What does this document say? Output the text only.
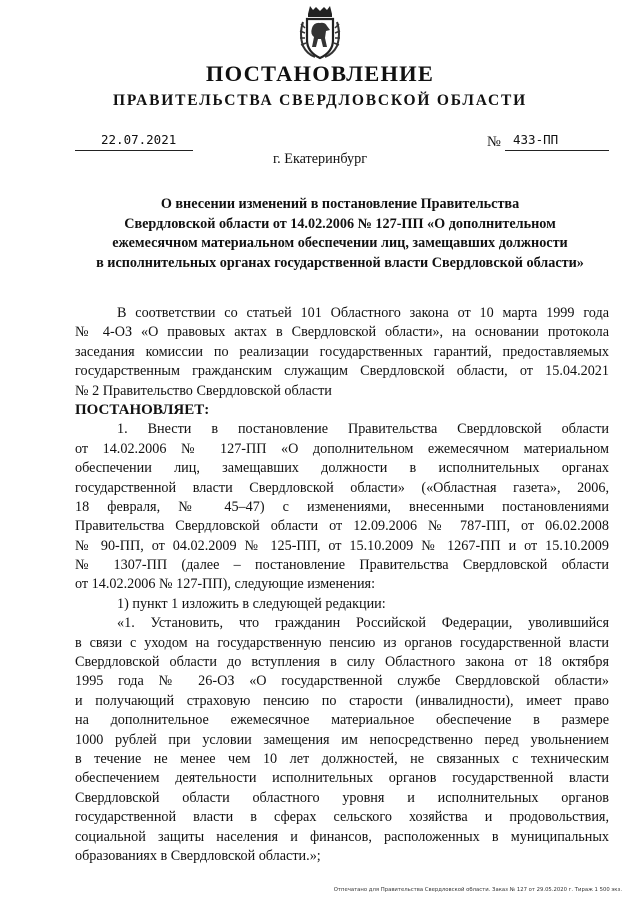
ПОСТАНОВЛЕНИЕ
ПРАВИТЕЛЬСТВА СВЕРДЛОВСКОЙ ОБЛАСТИ
22.07.2021	№ 433-ПП
г. Екатеринбург
О внесении изменений в постановление Правительства
Свердловской области от 14.02.2006 № 127-ПП «О дополнительном
ежемесячном материальном обеспечении лиц, замещавших должности
в исполнительных органах государственной власти Свердловской области»
В соответствии со статьей 101 Областного закона от 10 марта 1999 года
№ 4-ОЗ «О правовых актах в Свердловской области», на основании протокола
заседания комиссии по реализации государственных гарантий, предоставляемых
государственным гражданским служащим Свердловской области, от 15.04.2021
№ 2 Правительство Свердловской области
ПОСТАНОВЛЯЕТ:
1. Внести в постановление Правительства Свердловской области
от 14.02.2006 № 127-ПП «О дополнительном ежемесячном материальном
обеспечении лиц, замещавших должности в исполнительных органах
государственной власти Свердловской области» («Областная газета», 2006,
18 февраля, № 45–47) с изменениями, внесенными постановлениями
Правительства Свердловской области от 12.09.2006 № 787-ПП, от 06.02.2008
№ 90-ПП, от 04.02.2009 № 125-ПП, от 15.10.2009 № 1267-ПП и от 15.10.2009
№ 1307-ПП (далее – постановление Правительства Свердловской области
от 14.02.2006 № 127-ПП), следующие изменения:
1) пункт 1 изложить в следующей редакции:
«1. Установить, что гражданин Российской Федерации, уволившийся
в связи с уходом на государственную пенсию из органов государственной власти
Свердловской области до вступления в силу Областного закона от 18 октября
1995 года № 26-ОЗ «О государственной службе Свердловской области»
и получающий страховую пенсию по старости (инвалидности), имеет право
на дополнительное ежемесячное материальное обеспечение в размере
1000 рублей при условии замещения им непосредственно перед увольнением
в течение не менее чем 10 лет должностей, не связанных с техническим
обеспечением деятельности исполнительных органов государственной власти
Свердловской области областного уровня и исполнительных органов
государственной власти в сферах сельского хозяйства и продовольствия,
социальной защиты населения и финансов, расположенных в муниципальных
образованиях в Свердловской области.»;
Отпечатано для Правительства Свердловской области. Заказ № 127 от 29.05.2020 г. Тираж 1 500 экз.
